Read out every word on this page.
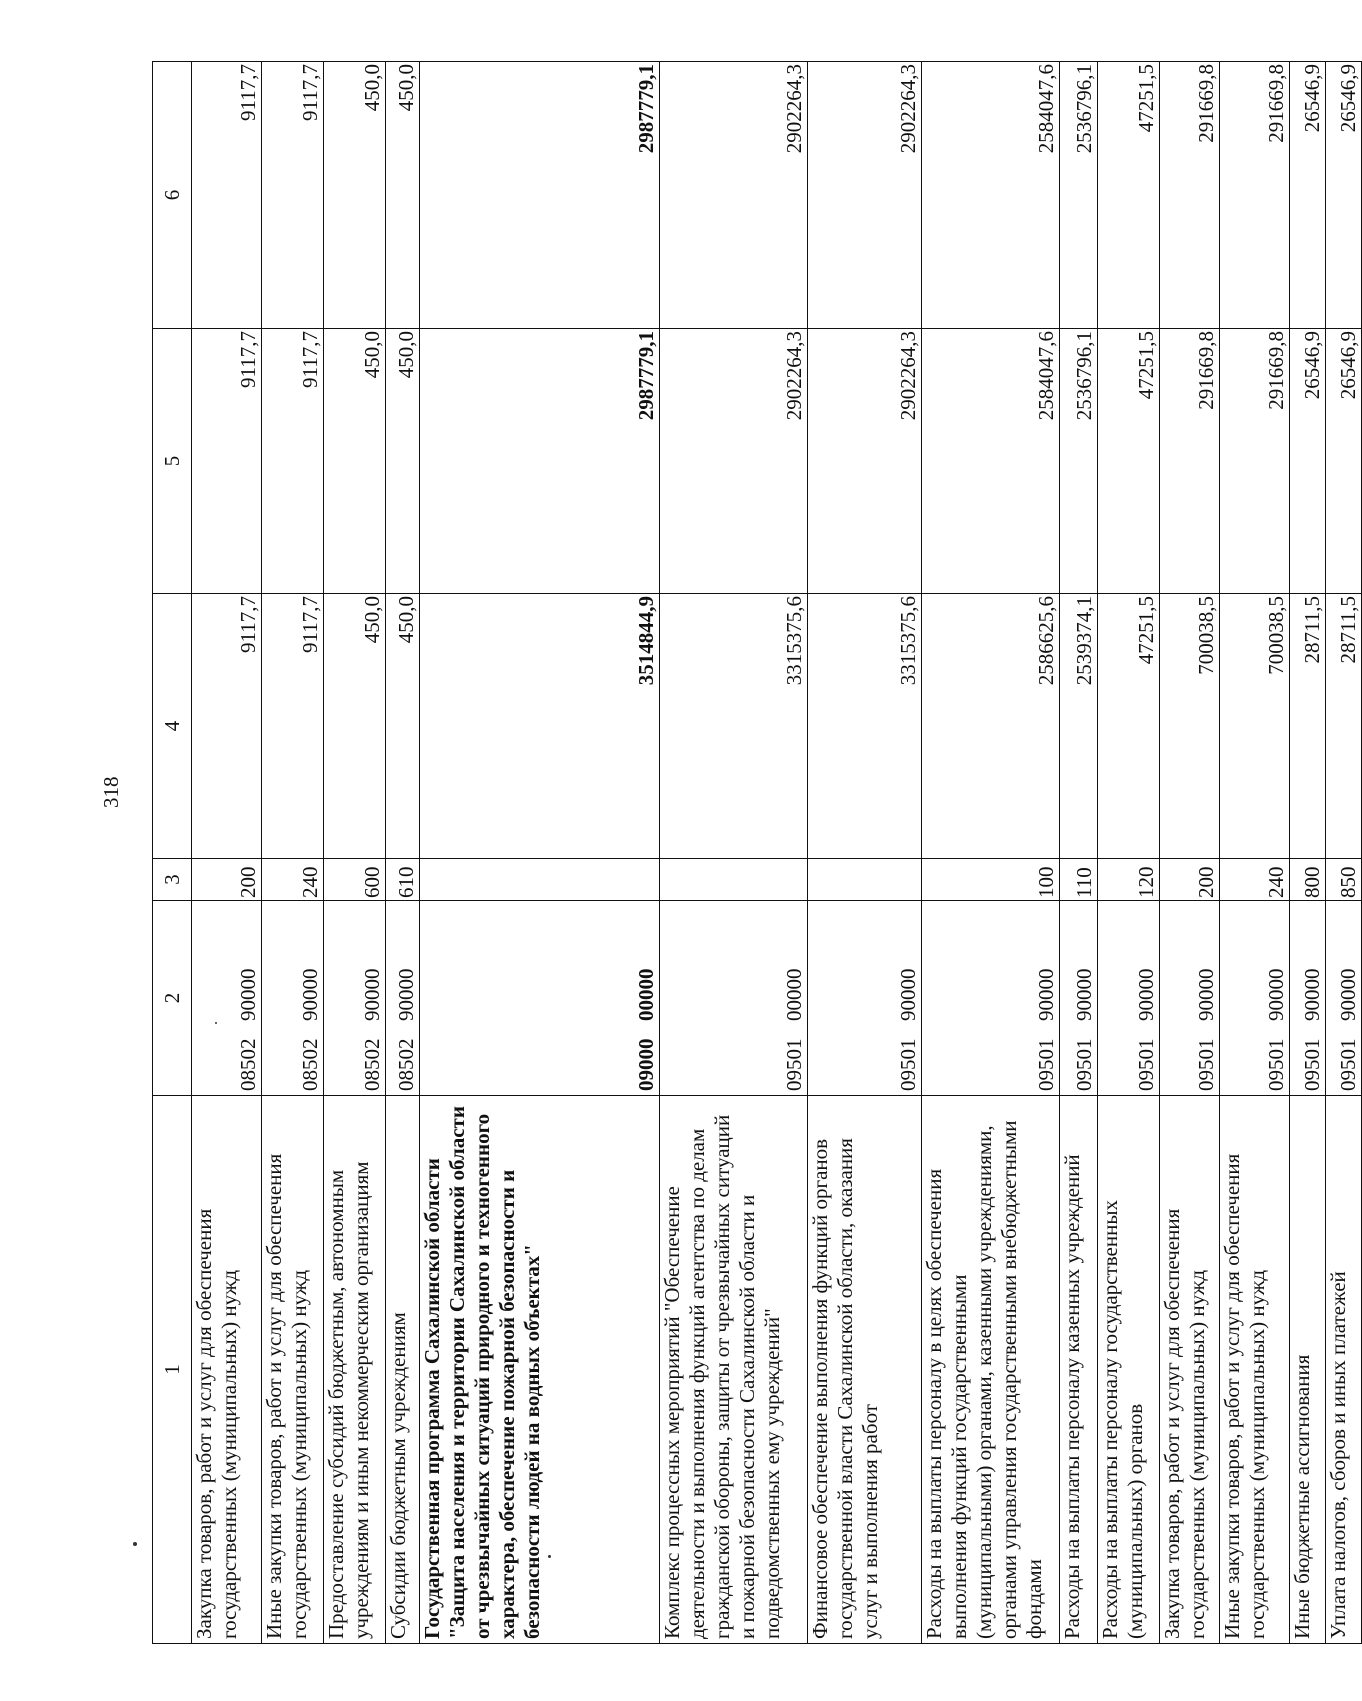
318
1	2	3	4	5	6
Закупка товаров, работ и услуг для обеспечения государственных (муниципальных) нужд	0850290000	200	9117,7	9117,7	9117,7
Иные закупки товаров, работ и услуг для обеспечения государственных (муниципальных) нужд	0850290000	240	9117,7	9117,7	9117,7
Предоставление субсидий бюджетным, автономным учреждениям и иным некоммерческим организациям	0850290000	600	450,0	450,0	450,0
Субсидии бюджетным учреждениям	0850290000	610	450,0	450,0	450,0
Государственная программа Сахалинской области "Защита населения и территории Сахалинской области от чрезвычайных ситуаций природного и техногенного характера, обеспечение пожарной безопасности и безопасности людей на водных объектах"	0900000000		3514844,9	2987779,1	2987779,1
Комплекс процессных мероприятий "Обеспечение деятельности и выполнения функций агентства по делам гражданской обороны, защиты от чрезвычайных ситуаций и пожарной безопасности Сахалинской области и подведомственных ему учреждений"	0950100000		3315375,6	2902264,3	2902264,3
Финансовое обеспечение выполнения функций органов государственной власти Сахалинской области, оказания услуг и выполнения работ	0950190000		3315375,6	2902264,3	2902264,3
Расходы на выплаты персоналу в целях обеспечения выполнения функций государственными (муниципальными) органами, казенными учреждениями, органами управления государственными внебюджетными фондами	0950190000	100	2586625,6	2584047,6	2584047,6
Расходы на выплаты персоналу казенных учреждений	0950190000	110	2539374,1	2536796,1	2536796,1
Расходы на выплаты персоналу государственных (муниципальных) органов	0950190000	120	47251,5	47251,5	47251,5
Закупка товаров, работ и услуг для обеспечения государственных (муниципальных) нужд	0950190000	200	700038,5	291669,8	291669,8
Иные закупки товаров, работ и услуг для обеспечения государственных (муниципальных) нужд	0950190000	240	700038,5	291669,8	291669,8
Иные бюджетные ассигнования	0950190000	800	28711,5	26546,9	26546,9
Уплата налогов, сборов и иных платежей	0950190000	850	28711,5	26546,9	26546,9
